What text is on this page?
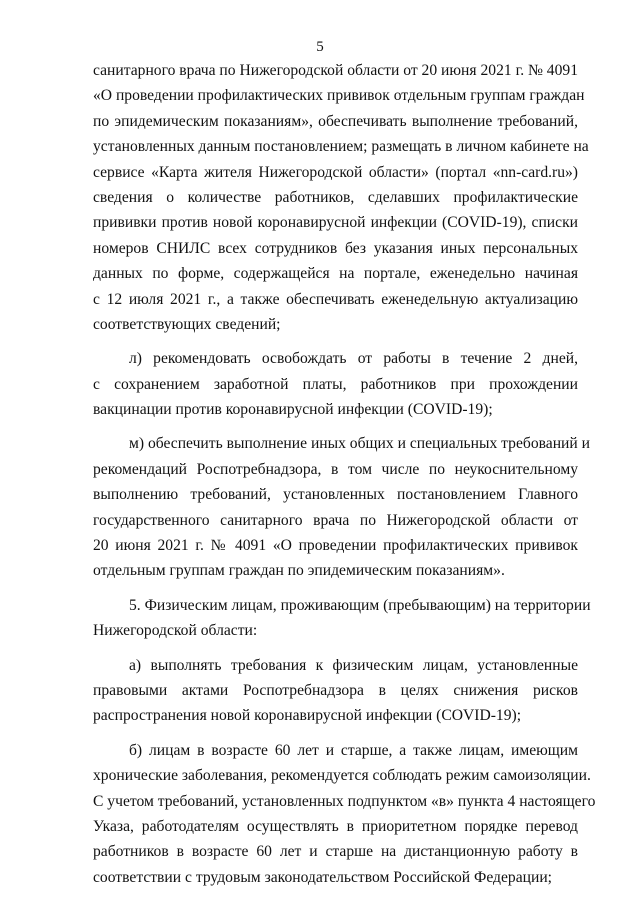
5
санитарного врача по Нижегородской области от 20 июня 2021 г. № 4091
«О проведении профилактических прививок отдельным группам граждан
по эпидемическим показаниям», обеспечивать выполнение требований,
установленных данным постановлением; размещать в личном кабинете на
сервисе «Карта жителя Нижегородской области» (портал «nn-card.ru»)
сведения о количестве работников, сделавших профилактические
прививки против новой коронавирусной инфекции (COVID-19), списки
номеров СНИЛС всех сотрудников без указания иных персональных
данных по форме, содержащейся на портале, еженедельно начиная
с 12 июля 2021 г., а также обеспечивать еженедельную актуализацию
соответствующих сведений;
л) рекомендовать освобождать от работы в течение 2 дней,
с сохранением заработной платы, работников при прохождении
вакцинации против коронавирусной инфекции (COVID-19);
м) обеспечить выполнение иных общих и специальных требований и
рекомендаций Роспотребнадзора, в том числе по неукоснительному
выполнению требований, установленных постановлением Главного
государственного санитарного врача по Нижегородской области от
20 июня 2021 г. № 4091 «О проведении профилактических прививок
отдельным группам граждан по эпидемическим показаниям».
5. Физическим лицам, проживающим (пребывающим) на территории
Нижегородской области:
а) выполнять требования к физическим лицам, установленные
правовыми актами Роспотребнадзора в целях снижения рисков
распространения новой коронавирусной инфекции (COVID-19);
б) лицам в возрасте 60 лет и старше, а также лицам, имеющим
хронические заболевания, рекомендуется соблюдать режим самоизоляции.
С учетом требований, установленных подпунктом «в» пункта 4 настоящего
Указа, работодателям осуществлять в приоритетном порядке перевод
работников в возрасте 60 лет и старше на дистанционную работу в
соответствии с трудовым законодательством Российской Федерации;
